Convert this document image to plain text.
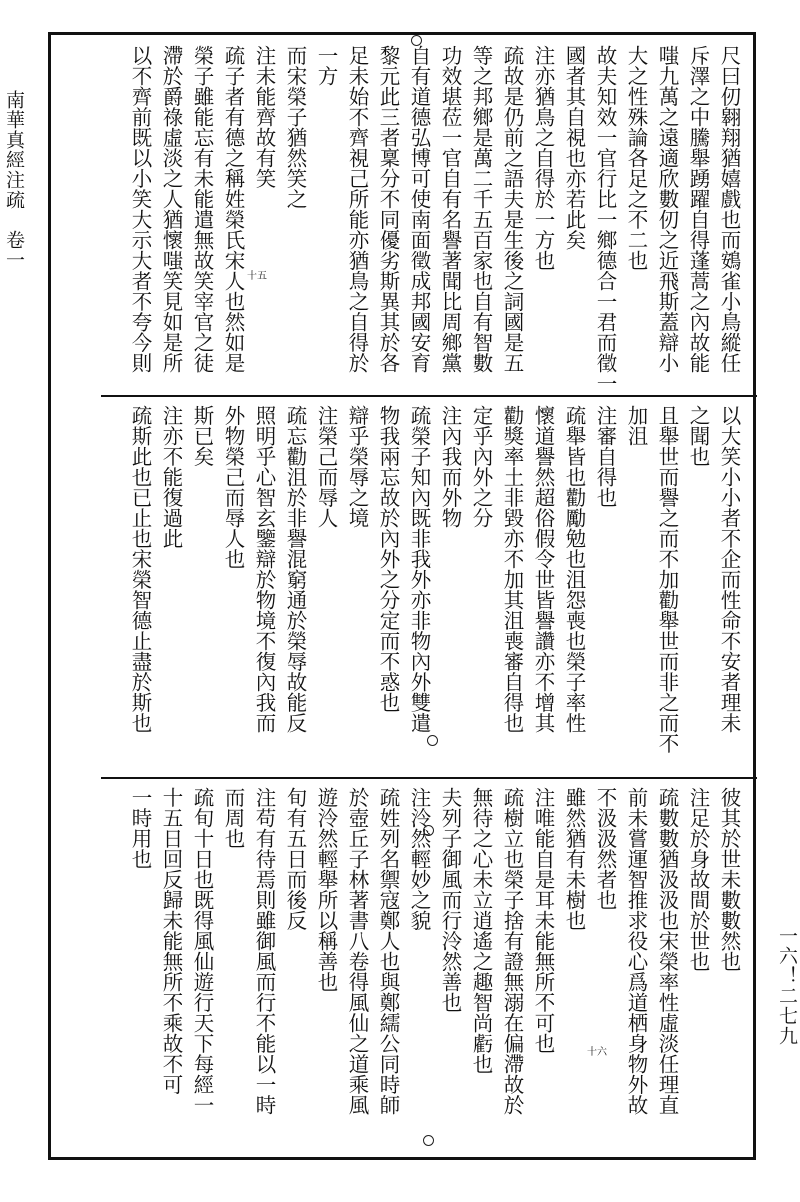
南華真經注疏　卷一
一六！二七九
尺曰仞翱翔猶嬉戲也而鴳雀小鳥縱任
斥澤之中騰舉踴躍自得蓬蒿之內故能
嗤九萬之遠適欣數仞之近飛斯蓋辯小
大之性殊論各足之不二也
故夫知效一官行比一鄉德合一君而徵一
國者其自視也亦若此矣
注亦猶鳥之自得於一方也
疏故是仍前之語夫是生後之詞國是五
等之邦鄉是萬二千五百家也自有智數
功效堪莅一官自有名譽著聞比周鄉黨
自有道德弘博可使南面徵成邦國安育
黎元此三者稟分不同優劣斯異其於各
足未始不齊視己所能亦猶鳥之自得於
一方
而宋榮子猶然笑之
注未能齊故有笑
疏子者有德之稱姓榮氏宋人也然如是
榮子雖能忘有未能遣無故笑宰官之徒
滯於爵祿虛淡之人猶懷嗤笑見如是所
以不齊前既以小笑大示大者不夸今則
以大笑小小者不企而性命不安者理未
之聞也
且舉世而譽之而不加勸舉世而非之而不
加沮
注審自得也
疏舉皆也勸勵勉也沮怨喪也榮子率性
懷道譽然超俗假令世皆譽讚亦不增其
勸獎率土非毀亦不加其沮喪審自得也
定乎內外之分
注內我而外物
疏榮子知內既非我外亦非物內外雙遣
物我兩忘故於內外之分定而不惑也
辯乎榮辱之境
注榮己而辱人
疏忘勸沮於非譽混窮通於榮辱故能反
照明乎心智玄鑒辯於物境不復內我而
外物榮己而辱人也
斯已矣
注亦不能復過此
疏斯此也已止也宋榮智德止盡於斯也
彼其於世未數數然也
注足於身故間於世也
疏數數猶汲汲也宋榮率性虛淡任理直
前未嘗運智推求役心爲道栖身物外故
不汲汲然者也
雖然猶有未樹也
注唯能自是耳未能無所不可也
疏樹立也榮子捨有證無溺在偏滯故於
無待之心未立逍遙之趣智尚虧也
夫列子御風而行泠然善也
注泠然輕妙之貌
疏姓列名禦寇鄭人也與鄭繻公同時師
於壺丘子林著書八卷得風仙之道乘風
遊泠然輕舉所以稱善也
旬有五日而後反
注苟有待焉則雖御風而行不能以一時
而周也
疏旬十日也既得風仙遊行天下每經一
十五日回反歸未能無所不乘故不可
一時用也
十五
十六
